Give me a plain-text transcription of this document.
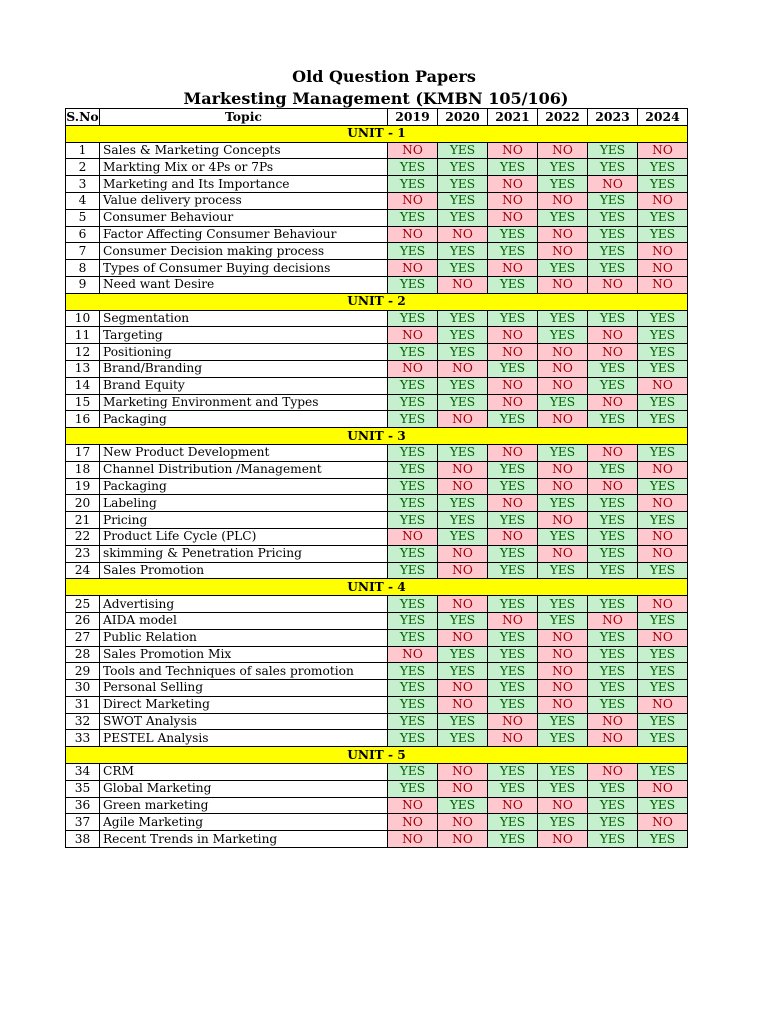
Old Question Papers
Markesting Management (KMBN 105/106)
S.No	Topic	2019	2020	2021	2022	2023	2024
UNIT - 1							
1	Sales & Marketing Concepts	NO	YES	NO	NO	YES	NO
2	Markting Mix or 4Ps or 7Ps	YES	YES	YES	YES	YES	YES
3	Marketing and Its Importance	YES	YES	NO	YES	NO	YES
4	Value delivery process	NO	YES	NO	NO	YES	NO
5	Consumer Behaviour	YES	YES	NO	YES	YES	YES
6	Factor Affecting Consumer Behaviour	NO	NO	YES	NO	YES	YES
7	Consumer Decision making process	YES	YES	YES	NO	YES	NO
8	Types of Consumer Buying decisions	NO	YES	NO	YES	YES	NO
9	Need want Desire	YES	NO	YES	NO	NO	NO
UNIT - 2							
10	Segmentation	YES	YES	YES	YES	YES	YES
11	Targeting	NO	YES	NO	YES	NO	YES
12	Positioning	YES	YES	NO	NO	NO	YES
13	Brand/Branding	NO	NO	YES	NO	YES	YES
14	Brand Equity	YES	YES	NO	NO	YES	NO
15	Marketing Environment and Types	YES	YES	NO	YES	NO	YES
16	Packaging	YES	NO	YES	NO	YES	YES
UNIT - 3							
17	New Product Development	YES	YES	NO	YES	NO	YES
18	Channel Distribution /Management	YES	NO	YES	NO	YES	NO
19	Packaging	YES	NO	YES	NO	NO	YES
20	Labeling	YES	YES	NO	YES	YES	NO
21	Pricing	YES	YES	YES	NO	YES	YES
22	Product Life Cycle (PLC)	NO	YES	NO	YES	YES	NO
23	skimming & Penetration Pricing	YES	NO	YES	NO	YES	NO
24	Sales Promotion	YES	NO	YES	YES	YES	YES
UNIT - 4							
25	Advertising	YES	NO	YES	YES	YES	NO
26	AIDA model	YES	YES	NO	YES	NO	YES
27	Public Relation	YES	NO	YES	NO	YES	NO
28	Sales Promotion Mix	NO	YES	YES	NO	YES	YES
29	Tools and Techniques of sales promotion	YES	YES	YES	NO	YES	YES
30	Personal Selling	YES	NO	YES	NO	YES	YES
31	Direct Marketing	YES	NO	YES	NO	YES	NO
32	SWOT Analysis	YES	YES	NO	YES	NO	YES
33	PESTEL Analysis	YES	YES	NO	YES	NO	YES
UNIT - 5							
34	CRM	YES	NO	YES	YES	NO	YES
35	Global Marketing	YES	NO	YES	YES	YES	NO
36	Green marketing	NO	YES	NO	NO	YES	YES
37	Agile Marketing	NO	NO	YES	YES	YES	NO
38	Recent Trends in Marketing	NO	NO	YES	NO	YES	YES
